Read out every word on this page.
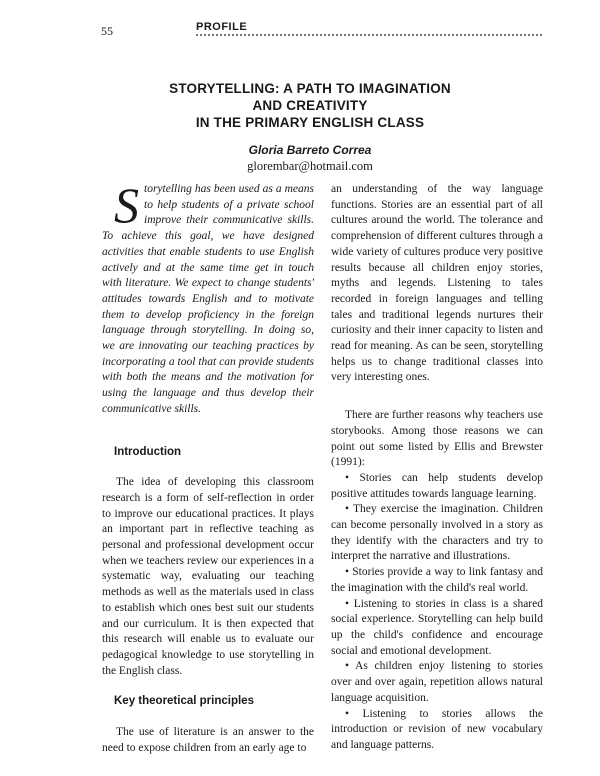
55	PROFILE
STORYTELLING: A PATH TO IMAGINATION
AND CREATIVITY
IN THE PRIMARY ENGLISH CLASS
Gloria Barreto Correa
glorembar@hotmail.com

Storytelling has been used as a means to help students of a private school improve their communicative skills. To achieve this goal, we have designed activities that enable students to use English actively and at the same time get in touch with literature. We expect to change students' attitudes towards English and to motivate them to develop proficiency in the foreign language through storytelling. In doing so, we are innovating our teaching practices by incorporating a tool that can provide students with both the means and the motivation for using the language and thus develop their communicative skills.

Introduction

The idea of developing this classroom research is a form of self-reflection in order to improve our educational practices. It plays an important part in reflective teaching as personal and professional development occur when we teachers review our experiences in a systematic way, evaluating our teaching methods as well as the materials used in class to establish which ones best suit our students and our curriculum. It is then expected that this research will enable us to evaluate our pedagogical knowledge to use storytelling in the English class.

Key theoretical principles

The use of literature is an answer to the need to expose children from an early age to

an understanding of the way language functions. Stories are an essential part of all cultures around the world. The tolerance and comprehension of different cultures through a wide variety of cultures produce very positive results because all children enjoy stories, myths and legends. Listening to tales recorded in foreign languages and telling tales and traditional legends nurtures their curiosity and their inner capacity to listen and read for meaning. As can be seen, storytelling helps us to change traditional classes into very interesting ones.

There are further reasons why teachers use storybooks. Among those reasons we can point out some listed by Ellis and Brewster (1991):

• Stories can help students develop positive attitudes towards language learning.

• They exercise the imagination. Children can become personally involved in a story as they identify with the characters and try to interpret the narrative and illustrations.

• Stories provide a way to link fantasy and the imagination with the child's real world.

• Listening to stories in class is a shared social experience. Storytelling can help build up the child's confidence and encourage social and emotional development.

• As children enjoy listening to stories over and over again, repetition allows natural language acquisition.

• Listening to stories allows the introduction or revision of new vocabulary and language patterns.
